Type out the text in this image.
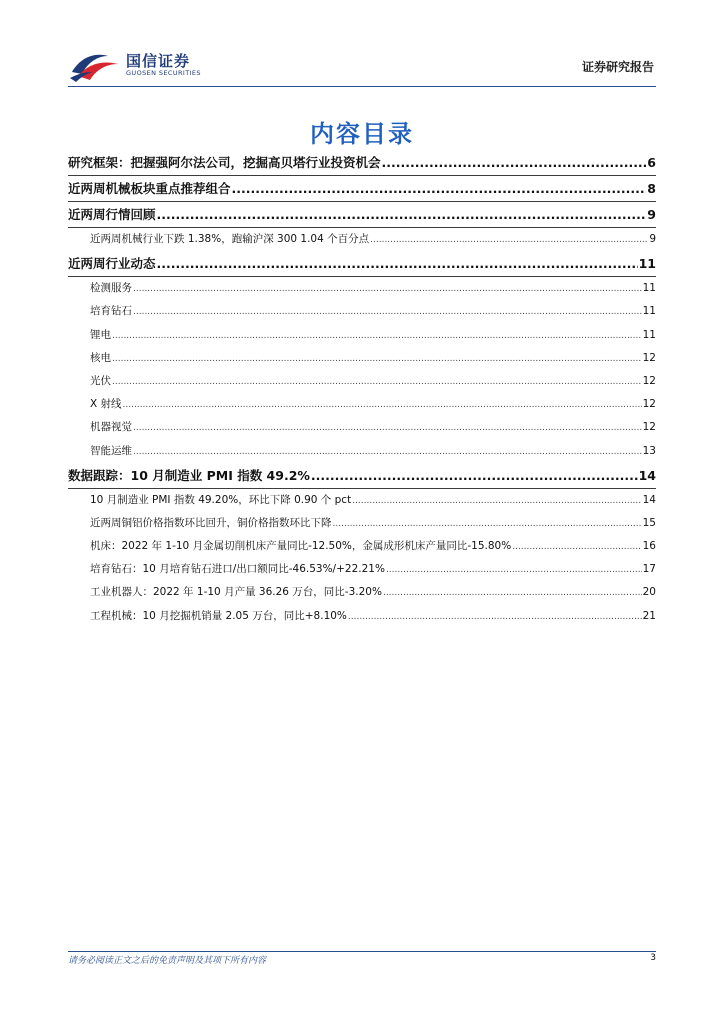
国信证券
GUOSEN SECURITIES	证券研究报告
内容目录
研究框架：把握强阿尔法公司，挖掘高贝塔行业投资机会 .....	6
近两周机械板块重点推荐组合 .....	8
近两周行情回顾 .....	9
近两周机械行业下跌 1.38%，跑输沪深 300 1.04 个百分点 .....	9
近两周行业动态 .....	11
检测服务 .....	11
培育钻石 .....	11
锂电 .....	11
核电 .....	12
光伏 .....	12
X 射线 .....	12
机器视觉 .....	12
智能运维 .....	13
数据跟踪：10 月制造业 PMI 指数 49.2% .....	14
10 月制造业 PMI 指数 49.20%，环比下降 0.90 个 pct .....	14
近两周铜铝价格指数环比回升，铜价格指数环比下降 .....	15
机床：2022 年 1-10 月金属切削机床产量同比-12.50%，金属成形机床产量同比-15.80% .....	16
培育钻石：10 月培育钻石进口/出口额同比-46.53%/+22.21% .....	17
工业机器人：2022 年 1-10 月产量 36.26 万台，同比-3.20% .....	20
工程机械：10 月挖掘机销量 2.05 万台，同比+8.10% .....	21
请务必阅读正文之后的免责声明及其项下所有内容	3
